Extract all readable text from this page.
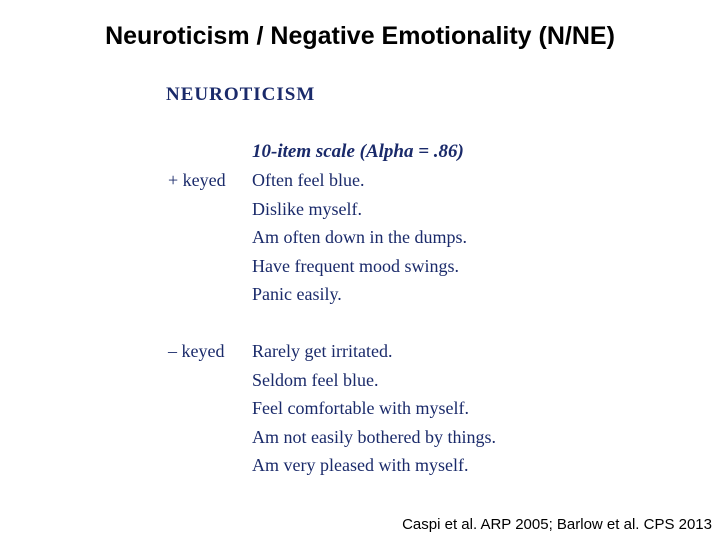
Neuroticism / Negative Emotionality (N/NE)
NEUROTICISM
10-item scale (Alpha = .86)
+ keyed Often feel blue.
Dislike myself.
Am often down in the dumps.
Have frequent mood swings.
Panic easily.
– keyed Rarely get irritated.
Seldom feel blue.
Feel comfortable with myself.
Am not easily bothered by things.
Am very pleased with myself.
Caspi et al. ARP 2005; Barlow et al. CPS 2013
